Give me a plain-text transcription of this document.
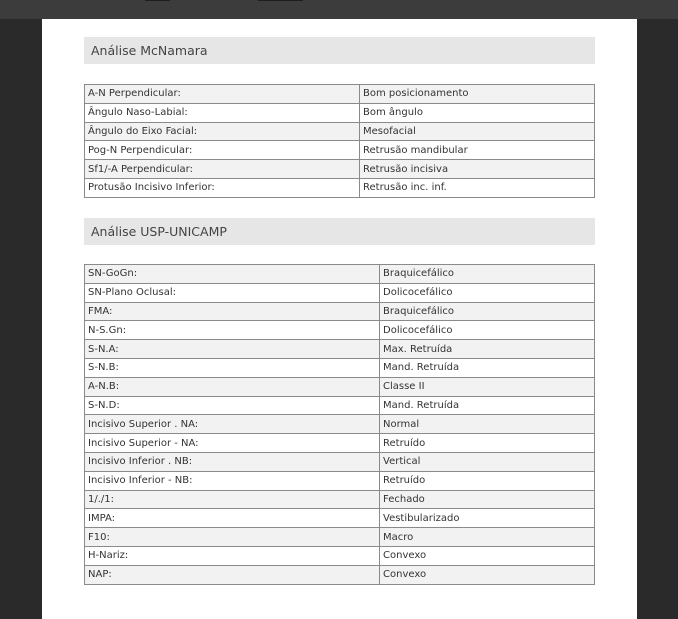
Análise McNamara
A-N Perpendicular:	Bom posicionamento
Ângulo Naso-Labial:	Bom ângulo
Ângulo do Eixo Facial:	Mesofacial
Pog-N Perpendicular:	Retrusão mandibular
Sf1/-A Perpendicular:	Retrusão incisiva
Protusão Incisivo Inferior:	Retrusão inc. inf.
Análise USP-UNICAMP
SN-GoGn:	Braquicefálico
SN-Plano Oclusal:	Dolicocefálico
FMA:	Braquicefálico
N-S.Gn:	Dolicocefálico
S-N.A:	Max. Retruída
S-N.B:	Mand. Retruída
A-N.B:	Classe II
S-N.D:	Mand. Retruída
Incisivo Superior . NA:	Normal
Incisivo Superior - NA:	Retruído
Incisivo Inferior . NB:	Vertical
Incisivo Inferior - NB:	Retruído
1/./1:	Fechado
IMPA:	Vestibularizado
F10:	Macro
H-Nariz:	Convexo
NAP:	Convexo
